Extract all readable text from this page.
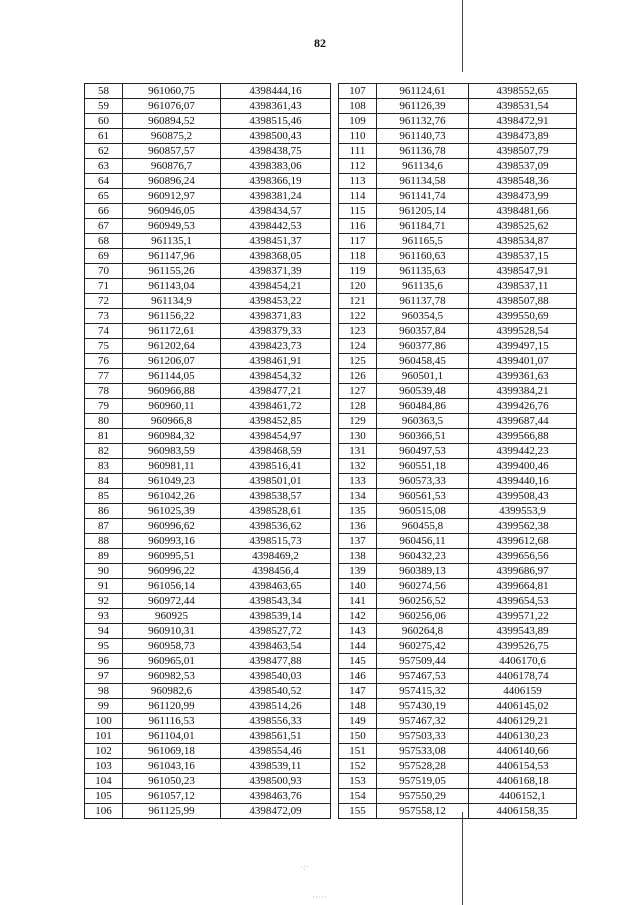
82
58	961060,75	4398444,16
59	961076,07	4398361,43
60	960894,52	4398515,46
61	960875,2	4398500,43
62	960857,57	4398438,75
63	960876,7	4398383,06
64	960896,24	4398366,19
65	960912,97	4398381,24
66	960946,05	4398434,57
67	960949,53	4398442,53
68	961135,1	4398451,37
69	961147,96	4398368,05
70	961155,26	4398371,39
71	961143,04	4398454,21
72	961134,9	4398453,22
73	961156,22	4398371,83
74	961172,61	4398379,33
75	961202,64	4398423,73
76	961206,07	4398461,91
77	961144,05	4398454,32
78	960966,88	4398477,21
79	960960,11	4398461,72
80	960966,8	4398452,85
81	960984,32	4398454,97
82	960983,59	4398468,59
83	960981,11	4398516,41
84	961049,23	4398501,01
85	961042,26	4398538,57
86	961025,39	4398528,61
87	960996,62	4398536,62
88	960993,16	4398515,73
89	960995,51	4398469,2
90	960996,22	4398456,4
91	961056,14	4398463,65
92	960972,44	4398543,34
93	960925	4398539,14
94	960910,31	4398527,72
95	960958,73	4398463,54
96	960965,01	4398477,88
97	960982,53	4398540,03
98	960982,6	4398540,52
99	961120,99	4398514,26
100	961116,53	4398556,33
101	961104,01	4398561,51
102	961069,18	4398554,46
103	961043,16	4398539,11
104	961050,23	4398500,93
105	961057,12	4398463,76
106	961125,99	4398472,09
107	961124,61	4398552,65
108	961126,39	4398531,54
109	961132,76	4398472,91
110	961140,73	4398473,89
111	961136,78	4398507,79
112	961134,6	4398537,09
113	961134,58	4398548,36
114	961141,74	4398473,99
115	961205,14	4398481,66
116	961184,71	4398525,62
117	961165,5	4398534,87
118	961160,63	4398537,15
119	961135,63	4398547,91
120	961135,6	4398537,11
121	961137,78	4398507,88
122	960354,5	4399550,69
123	960357,84	4399528,54
124	960377,86	4399497,15
125	960458,45	4399401,07
126	960501,1	4399361,63
127	960539,48	4399384,21
128	960484,86	4399426,76
129	960363,5	4399687,44
130	960366,51	4399566,88
131	960497,53	4399442,23
132	960551,18	4399400,46
133	960573,33	4399440,16
134	960561,53	4399508,43
135	960515,08	4399553,9
136	960455,8	4399562,38
137	960456,11	4399612,68
138	960432,23	4399656,56
139	960389,13	4399686,97
140	960274,56	4399664,81
141	960256,52	4399654,53
142	960256,06	4399571,22
143	960264,8	4399543,89
144	960275,42	4399526,75
145	957509,44	4406170,6
146	957467,53	4406178,74
147	957415,32	4406159
148	957430,19	4406145,02
149	957467,32	4406129,21
150	957503,33	4406130,23
151	957533,08	4406140,66
152	957528,28	4406154,53
153	957519,05	4406168,18
154	957550,29	4406152,1
155	957558,12	4406158,35
·:·
·····
